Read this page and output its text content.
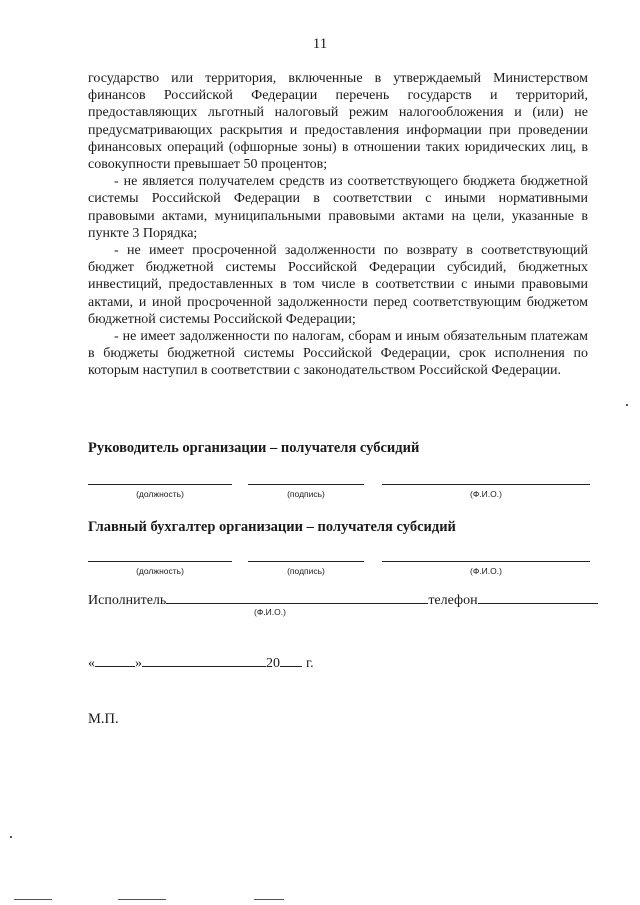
11

государство или территория, включенные в утверждаемый Министерством финансов Российской Федерации перечень государств и территорий, предоставляющих льготный налоговый режим налогообложения и (или) не предусматривающих раскрытия и предоставления информации при проведении финансовых операций (офшорные зоны) в отношении таких юридических лиц, в совокупности превышает 50 процентов;

- не является получателем средств из соответствующего бюджета бюджетной системы Российской Федерации в соответствии с иными нормативными правовыми актами, муниципальными правовыми актами на цели, указанные в пункте 3 Порядка;

- не имеет просроченной задолженности по возврату в соответствующий бюджет бюджетной системы Российской Федерации субсидий, бюджетных инвестиций, предоставленных в том числе в соответствии с иными правовыми актами, и иной просроченной задолженности перед соответствующим бюджетом бюджетной системы Российской Федерации;

- не имеет задолженности по налогам, сборам и иным обязательным платежам в бюджеты бюджетной системы Российской Федерации, срок исполнения по которым наступил в соответствии с законодательством Российской Федерации.

Руководитель организации – получателя субсидий
(должность)	(подпись)	(Ф.И.О.)
Главный бухгалтер организации – получателя субсидий
(должность)	(подпись)	(Ф.И.О.)
Исполнитель	телефон
(Ф.И.О.)
«	»	20 г.
М.П.
